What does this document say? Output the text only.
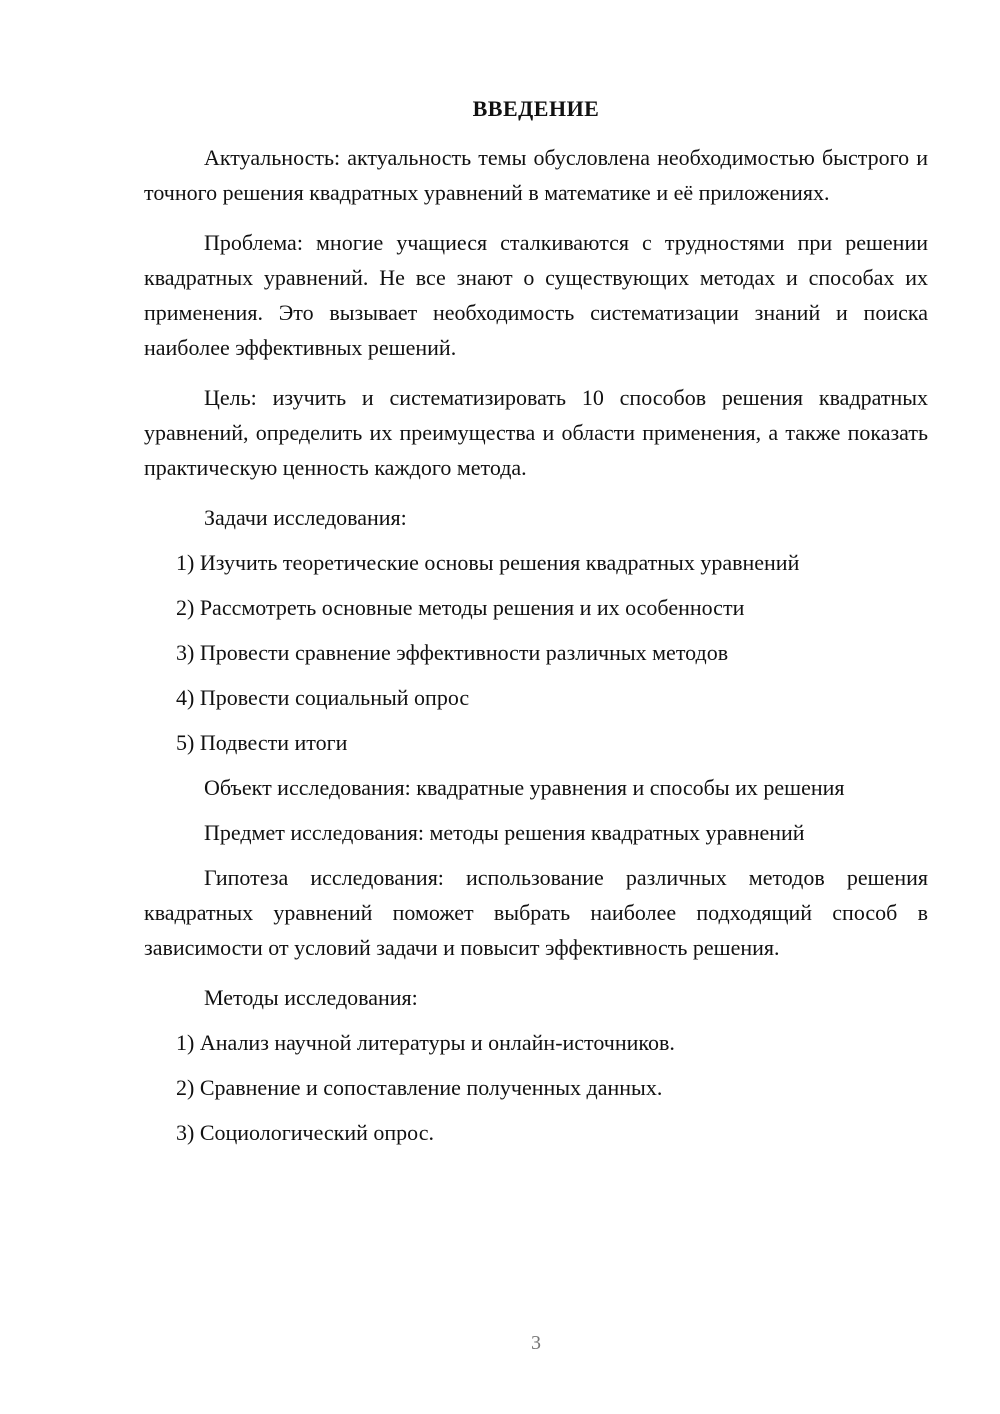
ВВЕДЕНИЕ

Актуальность: актуальность темы обусловлена необходимостью быстрого и точного решения квадратных уравнений в математике и её приложениях.

Проблема: многие учащиеся сталкиваются с трудностями при решении квадратных уравнений. Не все знают о существующих методах и способах их применения. Это вызывает необходимость систематизации знаний и поиска наиболее эффективных решений.

Цель: изучить и систематизировать 10 способов решения квадратных уравнений, определить их преимущества и области применения, а также показать практическую ценность каждого метода.

Задачи исследования:

1) Изучить теоретические основы решения квадратных уравнений
2) Рассмотреть основные методы решения и их особенности
3) Провести сравнение эффективности различных методов
4) Провести социальный опрос
5) Подвести итоги

Объект исследования: квадратные уравнения и способы их решения

Предмет исследования: методы решения квадратных уравнений

Гипотеза исследования: использование различных методов решения квадратных уравнений поможет выбрать наиболее подходящий способ в зависимости от условий задачи и повысит эффективность решения.

Методы исследования:

1) Анализ научной литературы и онлайн-источников.
2) Сравнение и сопоставление полученных данных.
3) Социологический опрос.
3
